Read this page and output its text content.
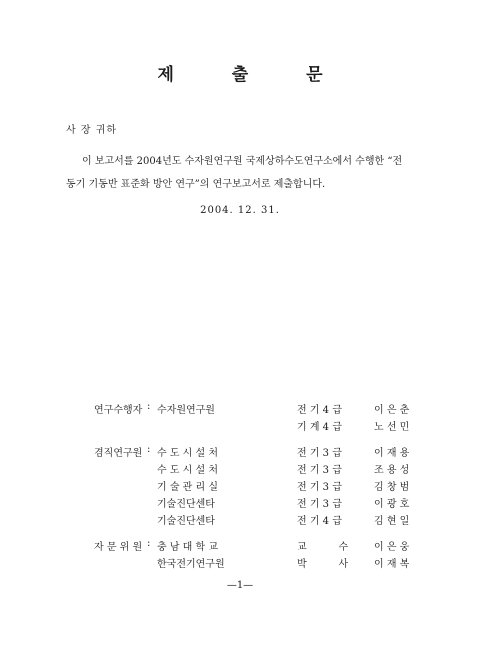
제 출 문
사 장 귀하
이 보고서를 2004년도 수자원연구원 국제상하수도연구소에서 수행한 “전
동기 기동반 표준화 방안 연구”의 연구보고서로 제출합니다.
2004. 12. 31.
연구수행자 : 수자원연구원	전 기 4 급	이 은 춘
기 계 4 급	노 선 민
겸직연구원 : 수 도 시 설 처	전 기 3 급	이 재 용
수 도 시 설 처	전 기 3 급	조 용 성
기 술 관 리 실	전 기 3 급	김 창 범
기술진단센타	전 기 3 급	이 광 호
기술진단센타	전 기 4 급	김 현 일
자 문 위 원 : 충 남 대 학 교	교          수	이 은 웅
한국전기연구원	박          사	이 재 복
—1—
